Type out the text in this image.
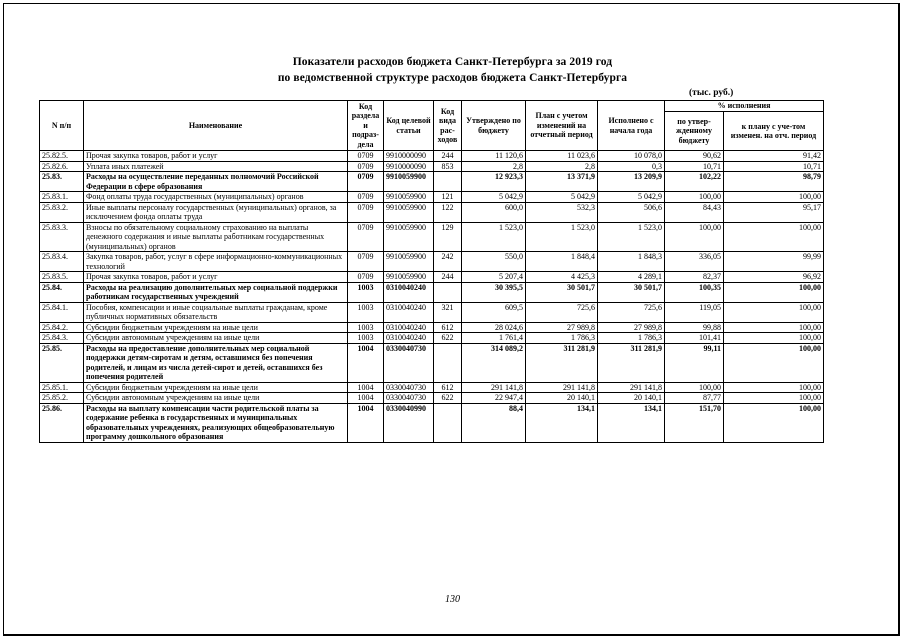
Показатели расходов бюджета Санкт-Петербурга за 2019 год
по ведомственной структуре расходов бюджета Санкт-Петербурга
(тыс. руб.)
N п/п	Наименование	Код раздела и подраз-дела	Код целевой статьи	Код вида рас-ходов	Утверждено по бюджету	План с учетом изменений на отчетный период	Исполнено с начала года	% исполнения	
								по утвер-жденному бюджету	к плану с уче-том изменен. на отч. период
25.82.5.	Прочая закупка товаров, работ и услуг	0709	9910000090	244	11 120,6	11 023,6	10 078,0	90,62	91,42
25.82.6.	Уплата иных платежей	0709	9910000090	853	2,8	2,8	0,3	10,71	10,71
25.83.	Расходы на осуществление переданных полномочий Российской Федерации в сфере образования	0709	9910059900		12 923,3	13 371,9	13 209,9	102,22	98,79
25.83.1.	Фонд оплаты труда государственных (муниципальных) органов	0709	9910059900	121	5 042,9	5 042,9	5 042,9	100,00	100,00
25.83.2.	Иные выплаты персоналу государственных (муниципальных) органов, за исключением фонда оплаты труда	0709	9910059900	122	600,0	532,3	506,6	84,43	95,17
25.83.3.	Взносы по обязательному социальному страхованию на выплаты денежного содержания и иные выплаты работникам государственных (муниципальных) органов	0709	9910059900	129	1 523,0	1 523,0	1 523,0	100,00	100,00
25.83.4.	Закупка товаров, работ, услуг в сфере информационно-коммуникационных технологий	0709	9910059900	242	550,0	1 848,4	1 848,3	336,05	99,99
25.83.5.	Прочая закупка товаров, работ и услуг	0709	9910059900	244	5 207,4	4 425,3	4 289,1	82,37	96,92
25.84.	Расходы на реализацию дополнительных мер социальной поддержки работникам государственных учреждений	1003	0310040240		30 395,5	30 501,7	30 501,7	100,35	100,00
25.84.1.	Пособия, компенсации и иные социальные выплаты гражданам, кроме публичных нормативных обязательств	1003	0310040240	321	609,5	725,6	725,6	119,05	100,00
25.84.2.	Субсидии бюджетным учреждениям на иные цели	1003	0310040240	612	28 024,6	27 989,8	27 989,8	99,88	100,00
25.84.3.	Субсидии автономным учреждениям на иные цели	1003	0310040240	622	1 761,4	1 786,3	1 786,3	101,41	100,00
25.85.	Расходы на предоставление дополнительных мер социальной поддержки детям-сиротам и детям, оставшимся без попечения родителей, и лицам из числа детей-сирот и детей, оставшихся без попечения родителей	1004	0330040730		314 089,2	311 281,9	311 281,9	99,11	100,00
25.85.1.	Субсидии бюджетным учреждениям на иные цели	1004	0330040730	612	291 141,8	291 141,8	291 141,8	100,00	100,00
25.85.2.	Субсидии автономным учреждениям на иные цели	1004	0330040730	622	22 947,4	20 140,1	20 140,1	87,77	100,00
25.86.	Расходы на выплату компенсации части родительской платы за содержание ребенка в государственных и муниципальных образовательных учреждениях, реализующих общеобразовательную программу дошкольного образования	1004	0330040990		88,4	134,1	134,1	151,70	100,00
130
